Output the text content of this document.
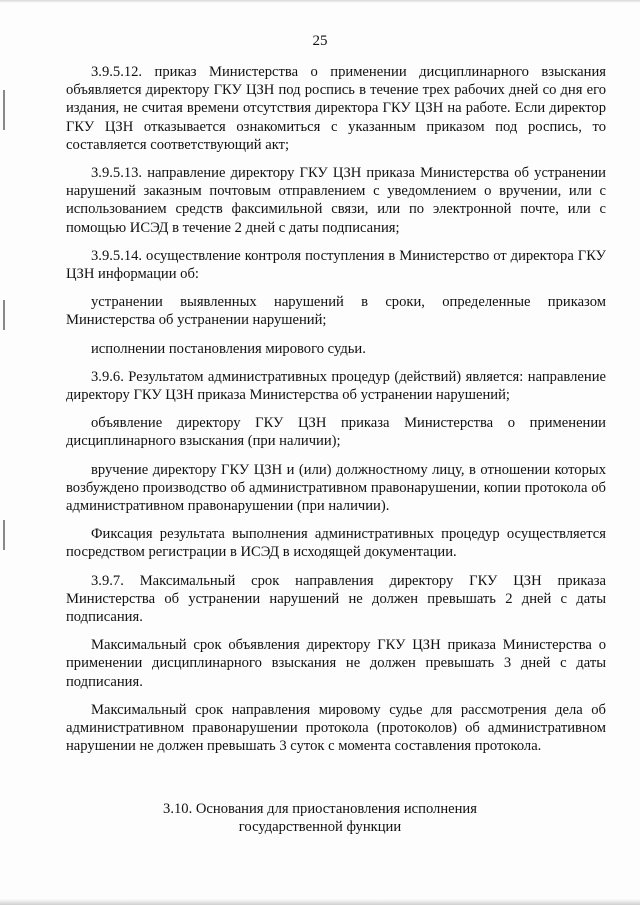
25

3.9.5.12. приказ Министерства о применении дисциплинарного взыскания объявляется директору ГКУ ЦЗН под роспись в течение трех рабочих дней со дня его издания, не считая времени отсутствия директора ГКУ ЦЗН на работе. Если директор ГКУ ЦЗН отказывается ознакомиться с указанным приказом под роспись, то составляется соответствующий акт;

3.9.5.13. направление директору ГКУ ЦЗН приказа Министерства об устранении нарушений заказным почтовым отправлением с уведомлением о вручении, или с использованием средств факсимильной связи, или по электронной почте, или с помощью ИСЭД в течение 2 дней с даты подписания;

3.9.5.14. осуществление контроля поступления в Министерство от директора ГКУ ЦЗН информации об:

устранении выявленных нарушений в сроки, определенные приказом Министерства об устранении нарушений;

исполнении постановления мирового судьи.

3.9.6. Результатом административных процедур (действий) является: направление директору ГКУ ЦЗН приказа Министерства об устранении нарушений;

объявление директору ГКУ ЦЗН приказа Министерства о применении дисциплинарного взыскания (при наличии);

вручение директору ГКУ ЦЗН и (или) должностному лицу, в отношении которых возбуждено производство об административном правонарушении, копии протокола об административном правонарушении (при наличии).

Фиксация результата выполнения административных процедур осуществляется посредством регистрации в ИСЭД в исходящей документации.

3.9.7. Максимальный срок направления директору ГКУ ЦЗН приказа Министерства об устранении нарушений не должен превышать 2 дней с даты подписания.

Максимальный срок объявления директору ГКУ ЦЗН приказа Министерства о применении дисциплинарного взыскания не должен превышать 3 дней с даты подписания.

Максимальный срок направления мировому судье для рассмотрения дела об административном правонарушении протокола (протоколов) об административном нарушении не должен превышать 3 суток с момента составления протокола.

3.10. Основания для приостановления исполнения
государственной функции
